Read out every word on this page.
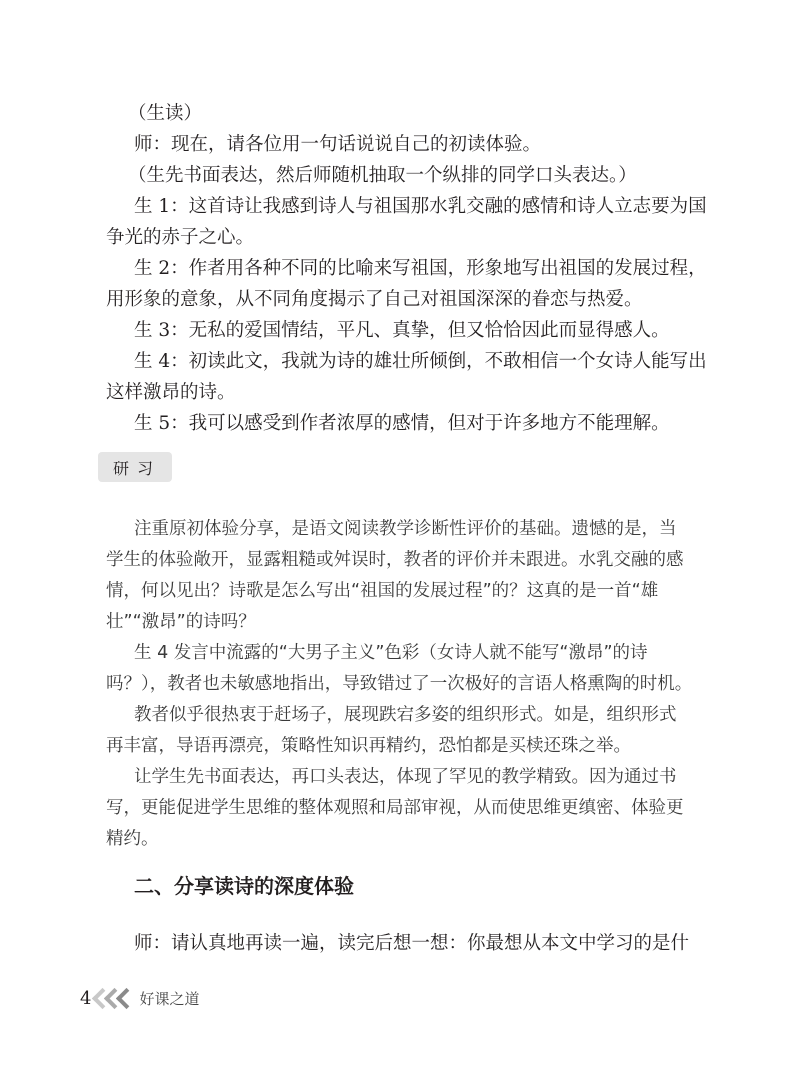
（生读）

师：现在，请各位用一句话说说自己的初读体验。

（生先书面表达，然后师随机抽取一个纵排的同学口头表达。）

生 1：这首诗让我感到诗人与祖国那水乳交融的感情和诗人立志要为国

争光的赤子之心。

生 2：作者用各种不同的比喻来写祖国，形象地写出祖国的发展过程，

用形象的意象，从不同角度揭示了自己对祖国深深的眷恋与热爱。

生 3：无私的爱国情结，平凡、真挚，但又恰恰因此而显得感人。

生 4：初读此文，我就为诗的雄壮所倾倒，不敢相信一个女诗人能写出

这样激昂的诗。

生 5：我可以感受到作者浓厚的感情，但对于许多地方不能理解。

研习

注重原初体验分享，是语文阅读教学诊断性评价的基础。遗憾的是，当

学生的体验敞开，显露粗糙或舛误时，教者的评价并未跟进。水乳交融的感

情，何以见出？诗歌是怎么写出“祖国的发展过程”的？这真的是一首“雄

壮”“激昂”的诗吗？

生 4 发言中流露的“大男子主义”色彩（女诗人就不能写“激昂”的诗

吗？），教者也未敏感地指出，导致错过了一次极好的言语人格熏陶的时机。

教者似乎很热衷于赶场子，展现跌宕多姿的组织形式。如是，组织形式

再丰富，导语再漂亮，策略性知识再精约，恐怕都是买椟还珠之举。

让学生先书面表达，再口头表达，体现了罕见的教学精致。因为通过书

写，更能促进学生思维的整体观照和局部审视，从而使思维更缜密、体验更

精约。

二、分享读诗的深度体验

师：请认真地再读一遍，读完后想一想：你最想从本文中学习的是什

4	好课之道
